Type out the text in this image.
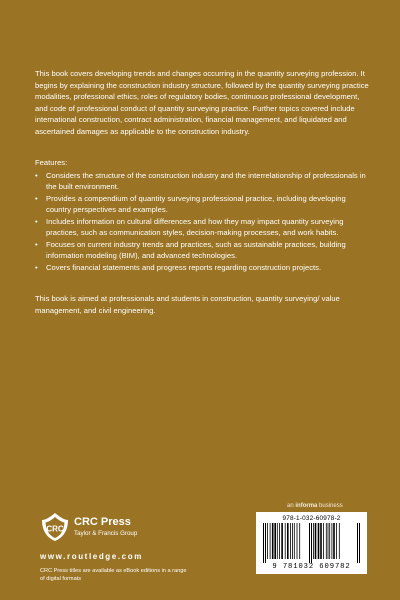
This book covers developing trends and changes occurring in the quantity surveying profession. It begins by explaining the construction industry structure, followed by the quantity surveying practice modalities, professional ethics, roles of regulatory bodies, continuous professional development, and code of professional conduct of quantity surveying practice. Further topics covered include international construction, contract administration, financial management, and liquidated and ascertained damages as applicable to the construction industry.

Features:

• Considers the structure of the construction industry and the interrelationship of professionals in the built environment.
• Provides a compendium of quantity surveying professional practice, including developing country perspectives and examples.
• Includes information on cultural differences and how they may impact quantity surveying practices, such as communication styles, decision-making processes, and work habits.
• Focuses on current industry trends and practices, such as sustainable practices, building information modeling (BIM), and advanced technologies.
• Covers financial statements and progress reports regarding construction projects.

This book is aimed at professionals and students in construction, quantity surveying/ value management, and civil engineering.

an informa business
978-1-032-60978-2
9 781032 609782
CRC
CRC Press
Taylor & Francis Group
www.routledge.com
CRC Press titles are available as eBook editions in a range of digital formats
